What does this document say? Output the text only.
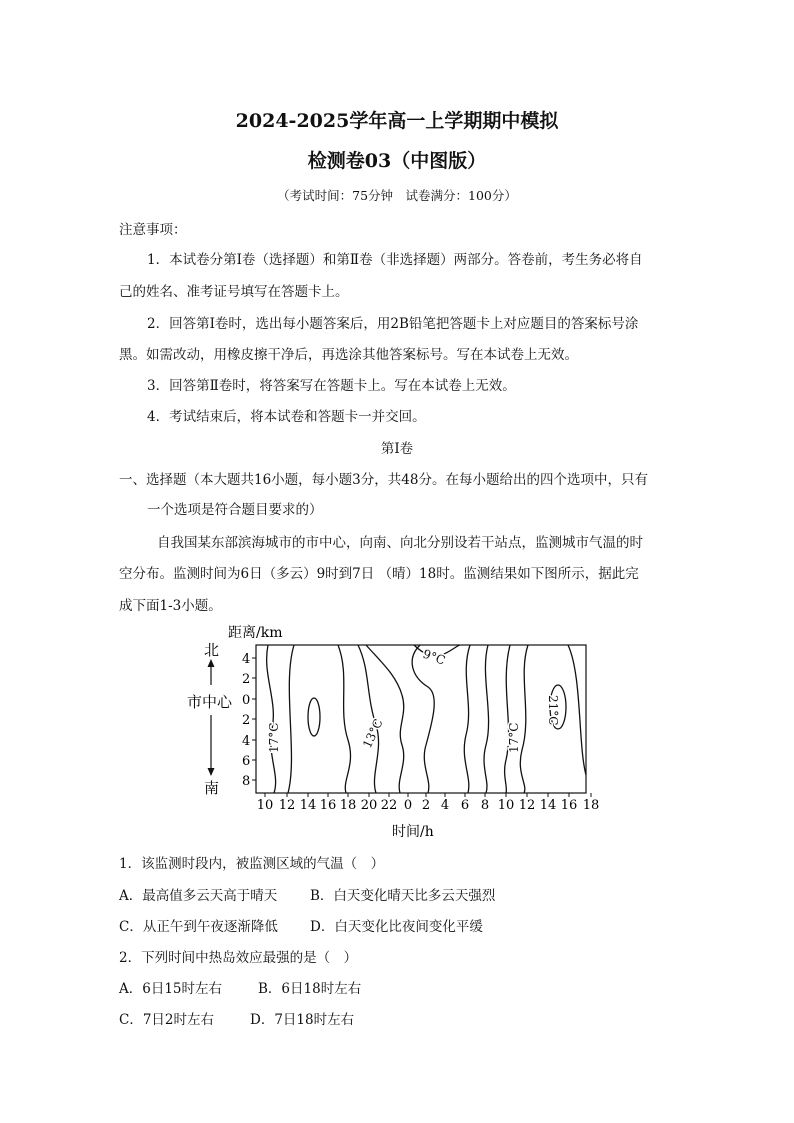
2024-2025学年高一上学期期中模拟
检测卷03（中图版）
（考试时间：75分钟　试卷满分：100分）
注意事项：
1．本试卷分第Ⅰ卷（选择题）和第Ⅱ卷（非选择题）两部分。答卷前，考生务必将自
己的姓名、准考证号填写在答题卡上。
2．回答第Ⅰ卷时，选出每小题答案后，用2B铅笔把答题卡上对应题目的答案标号涂
黑。如需改动，用橡皮擦干净后，再选涂其他答案标号。写在本试卷上无效。
3．回答第Ⅱ卷时，将答案写在答题卡上。写在本试卷上无效。
4．考试结束后，将本试卷和答题卡一并交回。
第Ⅰ卷
一、选择题（本大题共16小题，每小题3分，共48分。在每小题给出的四个选项中，只有
一个选项是符合题目要求的）
自我国某东部滨海城市的市中心，向南、向北分别设若干站点，监测城市气温的时
空分布。监测时间为6日（多云）9时到7日 （晴）18时。监测结果如下图所示，据此完
成下面1-3小题。
距离/km
北
市中心
南
4
2
0
2
4
6
8
10 12 14 16 18 20 22 0 2 4 6 8 10 12 14 16 18
时间/h
17°C	13°C
9°C
17°C
21°C
1．该监测时段内，被监测区域的气温（　）
A．最高值多云天高于晴天 B．白天变化晴天比多云天强烈
C．从正午到午夜逐渐降低 D．白天变化比夜间变化平缓
2．下列时间中热岛效应最强的是（　）
A．6日15时左右	B．6日18时左右
C．7日2时左右	D．7日18时左右
